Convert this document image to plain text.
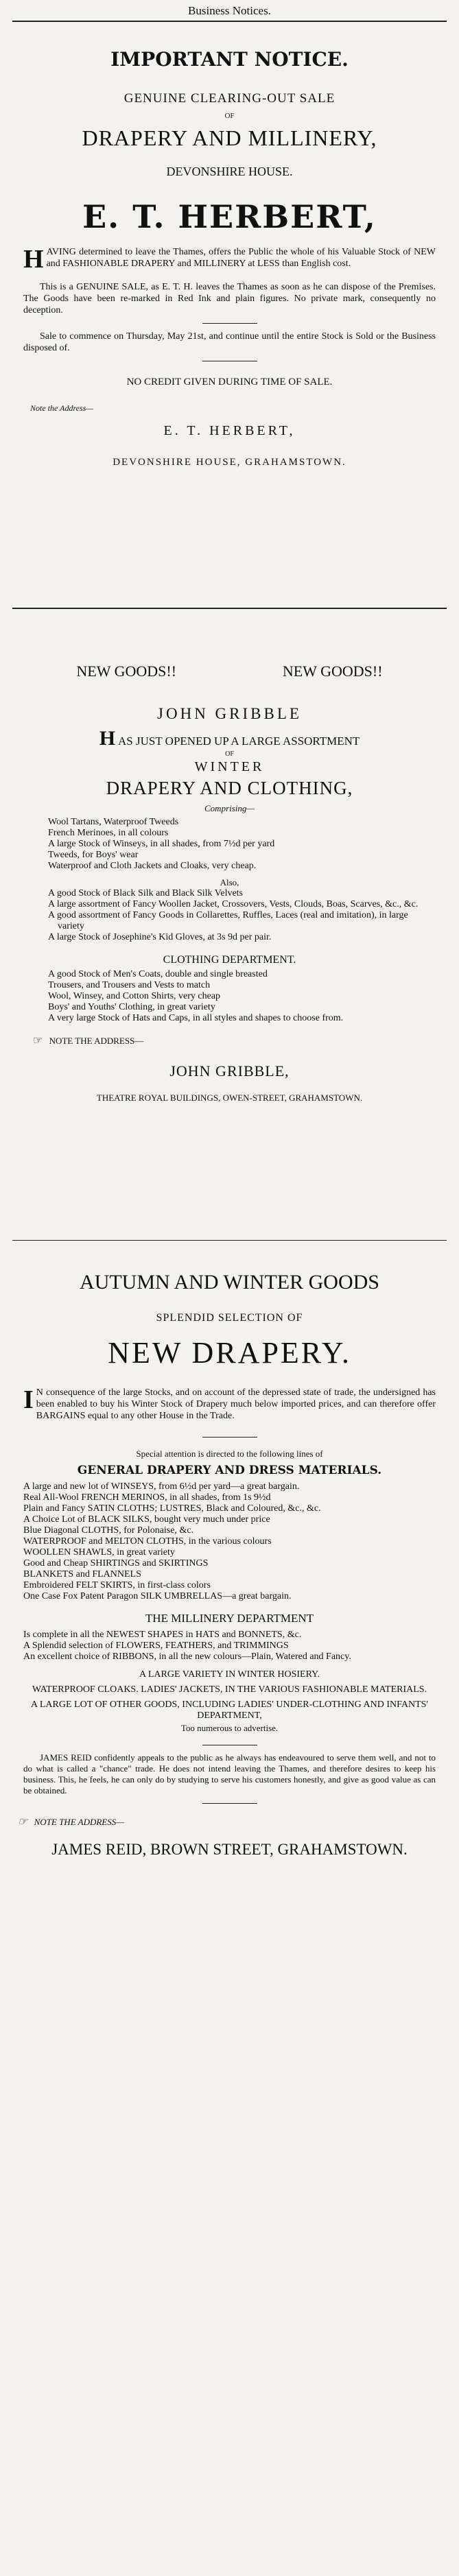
Business Notices.
IMPORTANT NOTICE.
GENUINE CLEARING-OUT SALE
OF
DRAPERY AND MILLINERY,
DEVONSHIRE HOUSE.
E. T. HERBERT,
H AVING determined to leave the Thames, offers the Public the whole of his Valuable Stock of NEW and FASHIONABLE DRAPERY and MILLINERY at LESS than English cost.

This is a GENUINE SALE, as E. T. H. leaves the Thames as soon as he can dispose of the Premises. The Goods have been re-marked in Red Ink and plain figures. No private mark, consequently no deception.

Sale to commence on Thursday, May 21st, and continue until the entire Stock is Sold or the Business disposed of.

NO CREDIT GIVEN DURING TIME OF SALE.
Note the Address—
E. T. HERBERT,
DEVONSHIRE HOUSE, GRAHAMSTOWN.
NEW GOODS!!	NEW GOODS!!
JOHN GRIBBLE
H AS JUST OPENED UP A LARGE ASSORTMENT
OF
WINTER
DRAPERY AND CLOTHING,
Comprising—
Wool Tartans, Waterproof Tweeds
French Merinoes, in all colours
A large Stock of Winseys, in all shades, from 7½d per yard
Tweeds, for Boys' wear
Waterproof and Cloth Jackets and Cloaks, very cheap.
Also,
A good Stock of Black Silk and Black Silk Velvets
A large assortment of Fancy Woollen Jacket, Crossovers, Vests, Clouds, Boas, Scarves, &c., &c.
A good assortment of Fancy Goods in Collarettes, Ruffles, Laces (real and imitation), in large variety
A large Stock of Josephine's Kid Gloves, at 3s 9d per pair.
CLOTHING DEPARTMENT.
A good Stock of Men's Coats, double and single breasted
Trousers, and Trousers and Vests to match
Wool, Winsey, and Cotton Shirts, very cheap
Boys' and Youths' Clothing, in great variety
A very large Stock of Hats and Caps, in all styles and shapes to choose from.
☞ NOTE THE ADDRESS—
JOHN GRIBBLE,
THEATRE ROYAL BUILDINGS, OWEN-STREET, GRAHAMSTOWN.
AUTUMN AND WINTER GOODS
SPLENDID SELECTION OF
NEW DRAPERY.
I N consequence of the large Stocks, and on account of the depressed state of trade, the undersigned has been enabled to buy his Winter Stock of Drapery much below imported prices, and can therefore offer BARGAINS equal to any other House in the Trade.

Special attention is directed to the following lines of
GENERAL DRAPERY AND DRESS MATERIALS.
A large and new lot of WINSEYS, from 6½d per yard—a great bargain.
Real All-Wool FRENCH MERINOS, in all shades, from 1s 9½d
Plain and Fancy SATIN CLOTHS; LUSTRES, Black and Coloured, &c., &c.
A Choice Lot of BLACK SILKS, bought very much under price
Blue Diagonal CLOTHS, for Polonaise, &c.
WATERPROOF and MELTON CLOTHS, in the various colours
WOOLLEN SHAWLS, in great variety
Good and Cheap SHIRTINGS and SKIRTINGS
BLANKETS and FLANNELS
Embroidered FELT SKIRTS, in first-class colors
One Case Fox Patent Paragon SILK UMBRELLAS—a great bargain.
THE MILLINERY DEPARTMENT
Is complete in all the NEWEST SHAPES in HATS and BONNETS, &c.
A Splendid selection of FLOWERS, FEATHERS, and TRIMMINGS
An excellent choice of RIBBONS, in all the new colours—Plain, Watered and Fancy.
A LARGE VARIETY IN WINTER HOSIERY.
WATERPROOF CLOAKS. LADIES' JACKETS, IN THE VARIOUS FASHIONABLE MATERIALS.
A LARGE LOT OF OTHER GOODS, INCLUDING LADIES' UNDER-CLOTHING AND INFANTS' DEPARTMENT,
Too numerous to advertise.

JAMES REID confidently appeals to the public as he always has endeavoured to serve them well, and not to do what is called a "chance" trade. He does not intend leaving the Thames, and therefore desires to keep his business. This, he feels, he can only do by studying to serve his customers honestly, and give as good value as can be obtained.

☞ NOTE THE ADDRESS—
JAMES REID, BROWN STREET, GRAHAMSTOWN.
